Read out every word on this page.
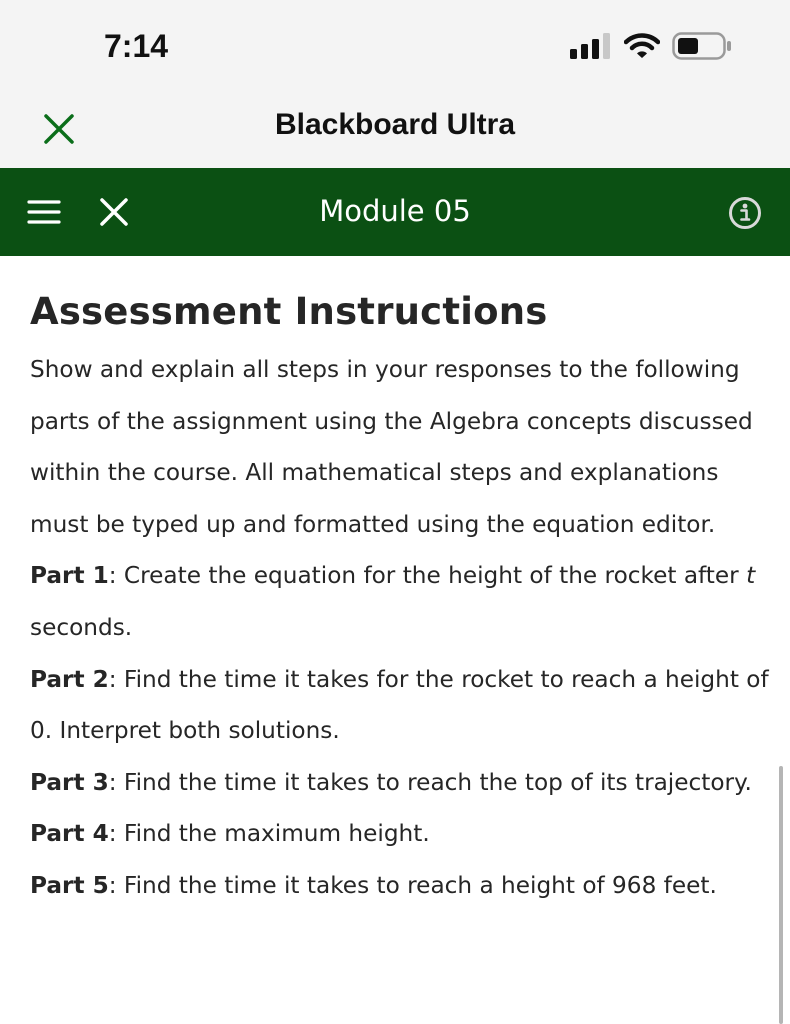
7:14
Blackboard Ultra
Module 05
Assessment Instructions

Show and explain all steps in your responses to the following parts of the assignment using the Algebra concepts discussed within the course. All mathematical steps and explanations must be typed up and formatted using the equation editor.

Part 1: Create the equation for the height of the rocket after t seconds.

Part 2: Find the time it takes for the rocket to reach a height of 0. Interpret both solutions.

Part 3: Find the time it takes to reach the top of its trajectory.

Part 4: Find the maximum height.

Part 5: Find the time it takes to reach a height of 968 feet.
